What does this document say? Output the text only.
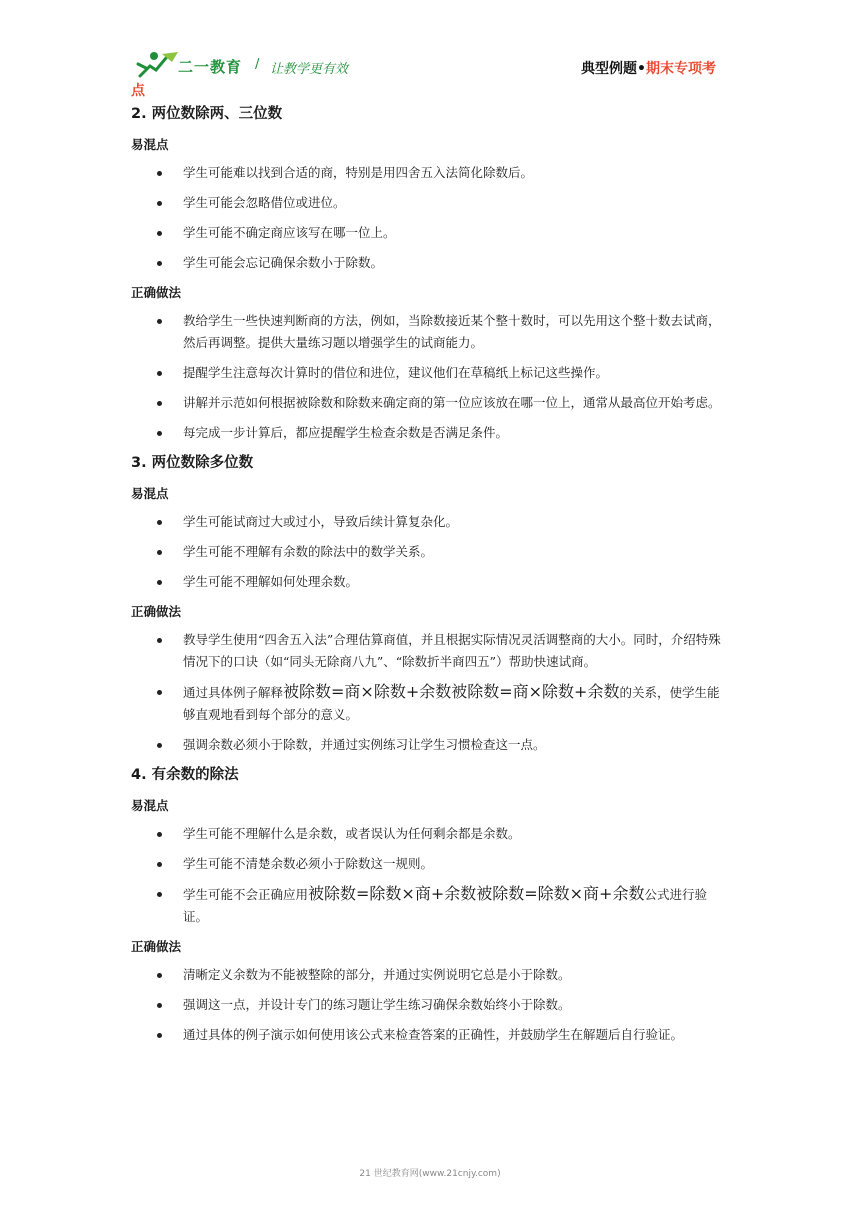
二一教育 / 让教学更有效	典型例题•期末专项考
点
2. 两位数除两、三位数
易混点
学生可能难以找到合适的商，特别是用四舍五入法简化除数后。
学生可能会忽略借位或进位。
学生可能不确定商应该写在哪一位上。
学生可能会忘记确保余数小于除数。
正确做法
教给学生一些快速判断商的方法，例如，当除数接近某个整十数时，可以先用这个整十数去试商，然后再调整。提供大量练习题以增强学生的试商能力。
提醒学生注意每次计算时的借位和进位，建议他们在草稿纸上标记这些操作。
讲解并示范如何根据被除数和除数来确定商的第一位应该放在哪一位上，通常从最高位开始考虑。
每完成一步计算后，都应提醒学生检查余数是否满足条件。
3. 两位数除多位数
易混点
学生可能试商过大或过小，导致后续计算复杂化。
学生可能不理解有余数的除法中的数学关系。
学生可能不理解如何处理余数。
正确做法
教导学生使用“四舍五入法”合理估算商值，并且根据实际情况灵活调整商的大小。同时，介绍特殊情况下的口诀（如“同头无除商八九”、“除数折半商四五”）帮助快速试商。
通过具体例子解释被除数=商×除数+余数被除数=商×除数+余数的关系，使学生能够直观地看到每个部分的意义。
强调余数必须小于除数，并通过实例练习让学生习惯检查这一点。
4. 有余数的除法
易混点
学生可能不理解什么是余数，或者误认为任何剩余都是余数。
学生可能不清楚余数必须小于除数这一规则。
学生可能不会正确应用被除数=除数×商+余数被除数=除数×商+余数公式进行验证。
正确做法
清晰定义余数为不能被整除的部分，并通过实例说明它总是小于除数。
强调这一点，并设计专门的练习题让学生练习确保余数始终小于除数。
通过具体的例子演示如何使用该公式来检查答案的正确性，并鼓励学生在解题后自行验证。
21 世纪教育网(www.21cnjy.com)
